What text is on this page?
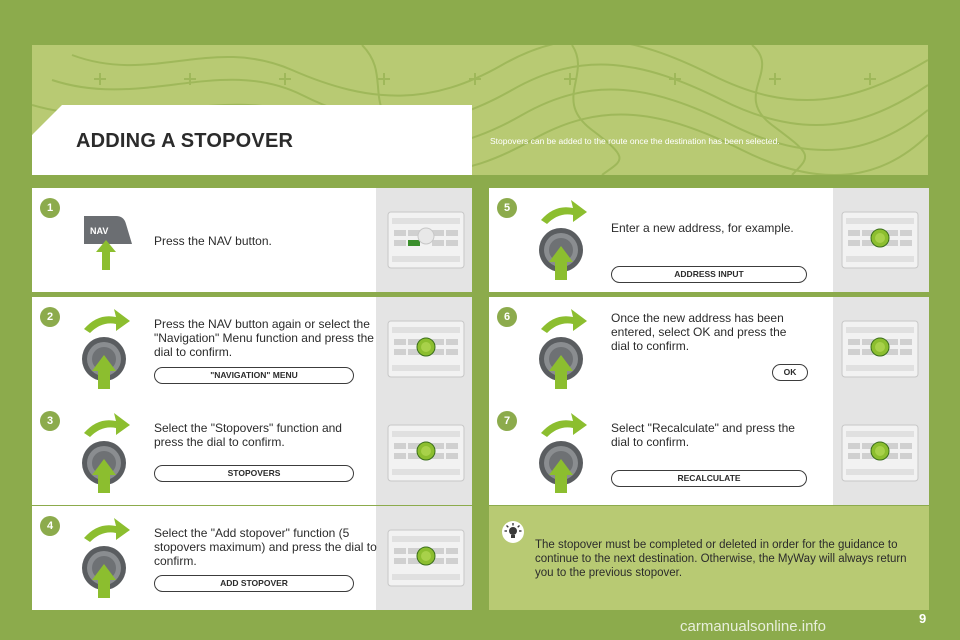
ADDING A STOPOVER	Stopovers can be added to the route once the destination has been selected.
NAV
Press the NAV button.
1
Press the NAV button again or select the "Navigation" Menu function and press the dial to confirm.
"NAVIGATION" MENU
2
Select the "Stopovers" function and press the dial to confirm.
STOPOVERS
3
Select the "Add stopover" function (5 stopovers maximum) and press the dial to confirm.
ADD STOPOVER
4
Enter a new address, for example.
ADDRESS INPUT
5
Once the new address has been entered, select OK and press the dial to confirm.
OK
6
Select "Recalculate" and press the dial to confirm.
RECALCULATE
7
The stopover must be completed or deleted in order for the guidance to continue to the next destination. Otherwise, the MyWay will always return you to the previous stopover.
9
carmanualsonline.info
